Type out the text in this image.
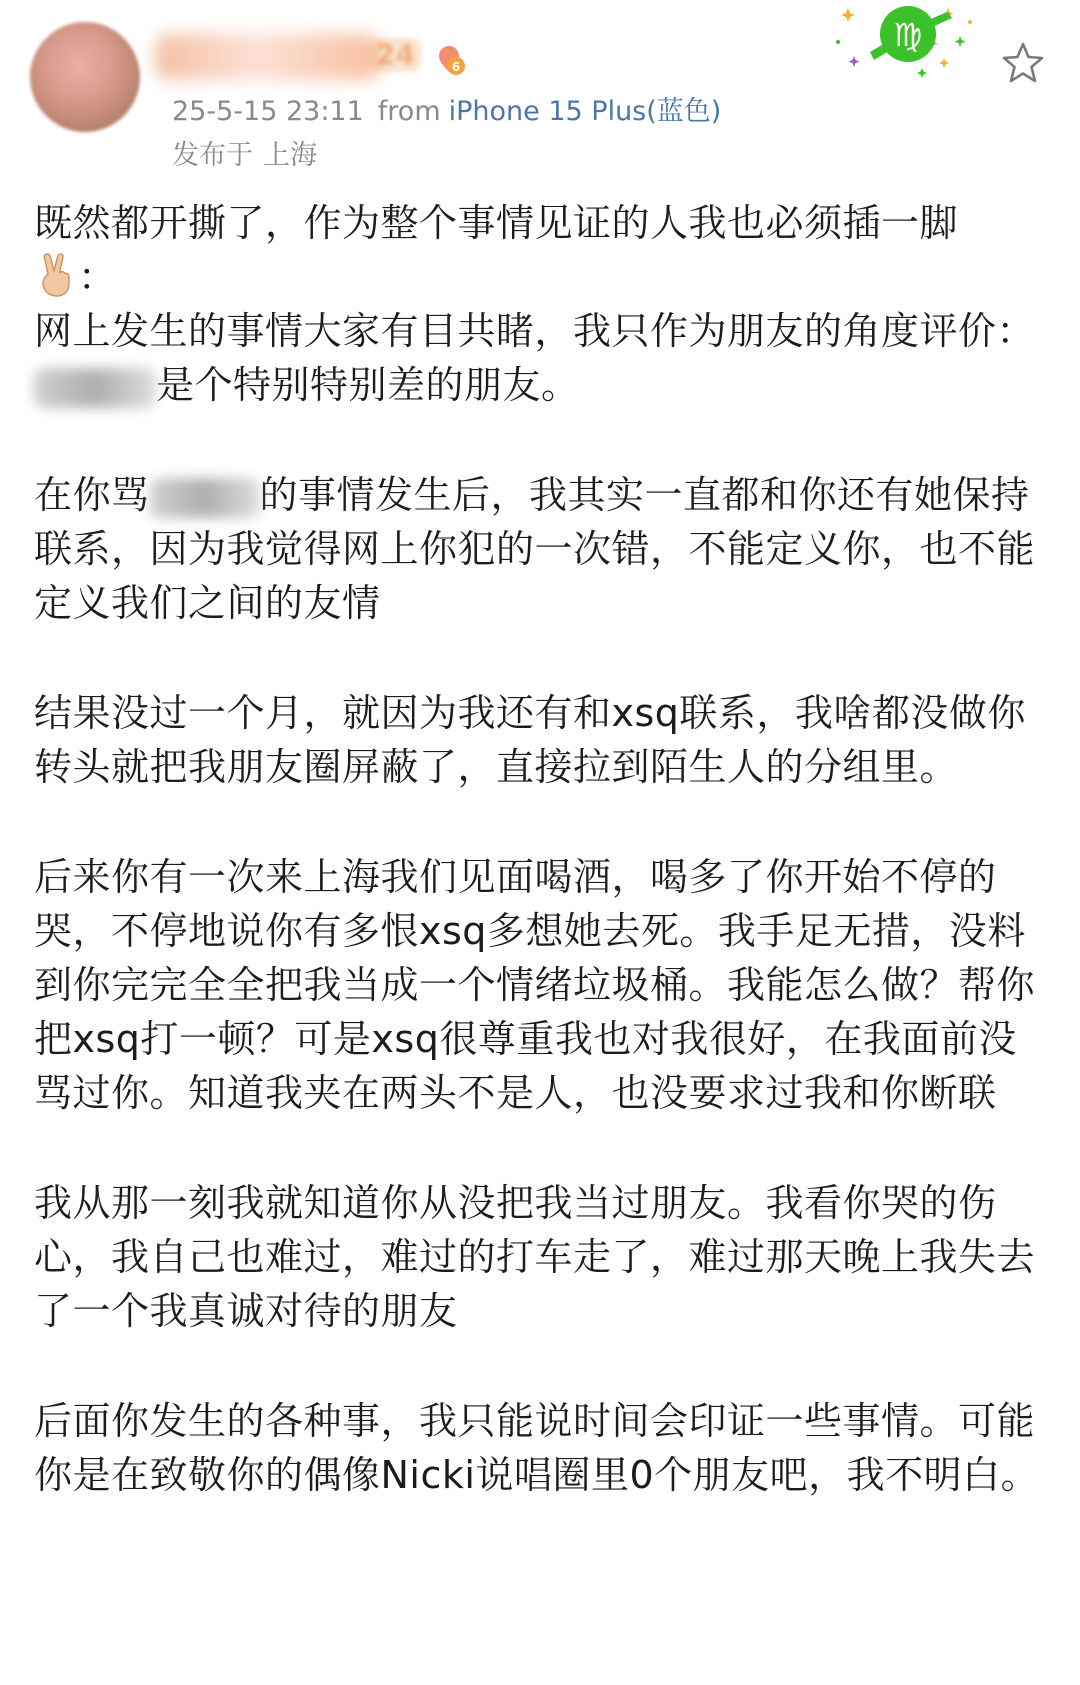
24	6
25-5-15 23:11 from iPhone 15 Plus(蓝色)
发布于 上海
♍
既然都开撕了，作为整个事情见证的人我也必须插一脚
：
网上发生的事情大家有目共睹，我只作为朋友的角度评价：是个特别特别差的朋友。
在你骂	的事情发生后，我其实一直都和你还有她保持联系，因为我觉得网上你犯的一次错，不能定义你，也不能定义我们之间的友情
结果没过一个月，就因为我还有和xsq联系，我啥都没做你转头就把我朋友圈屏蔽了，直接拉到陌生人的分组里。
后来你有一次来上海我们见面喝酒，喝多了你开始不停的哭，不停地说你有多恨xsq多想她去死。我手足无措，没料到你完完全全把我当成一个情绪垃圾桶。我能怎么做？帮你把xsq打一顿？可是xsq很尊重我也对我很好，在我面前没骂过你。知道我夹在两头不是人，也没要求过我和你断联
我从那一刻我就知道你从没把我当过朋友。我看你哭的伤心，我自己也难过，难过的打车走了，难过那天晚上我失去了一个我真诚对待的朋友
后面你发生的各种事，我只能说时间会印证一些事情。可能你是在致敬你的偶像Nicki说唱圈里0个朋友吧，我不明白。
